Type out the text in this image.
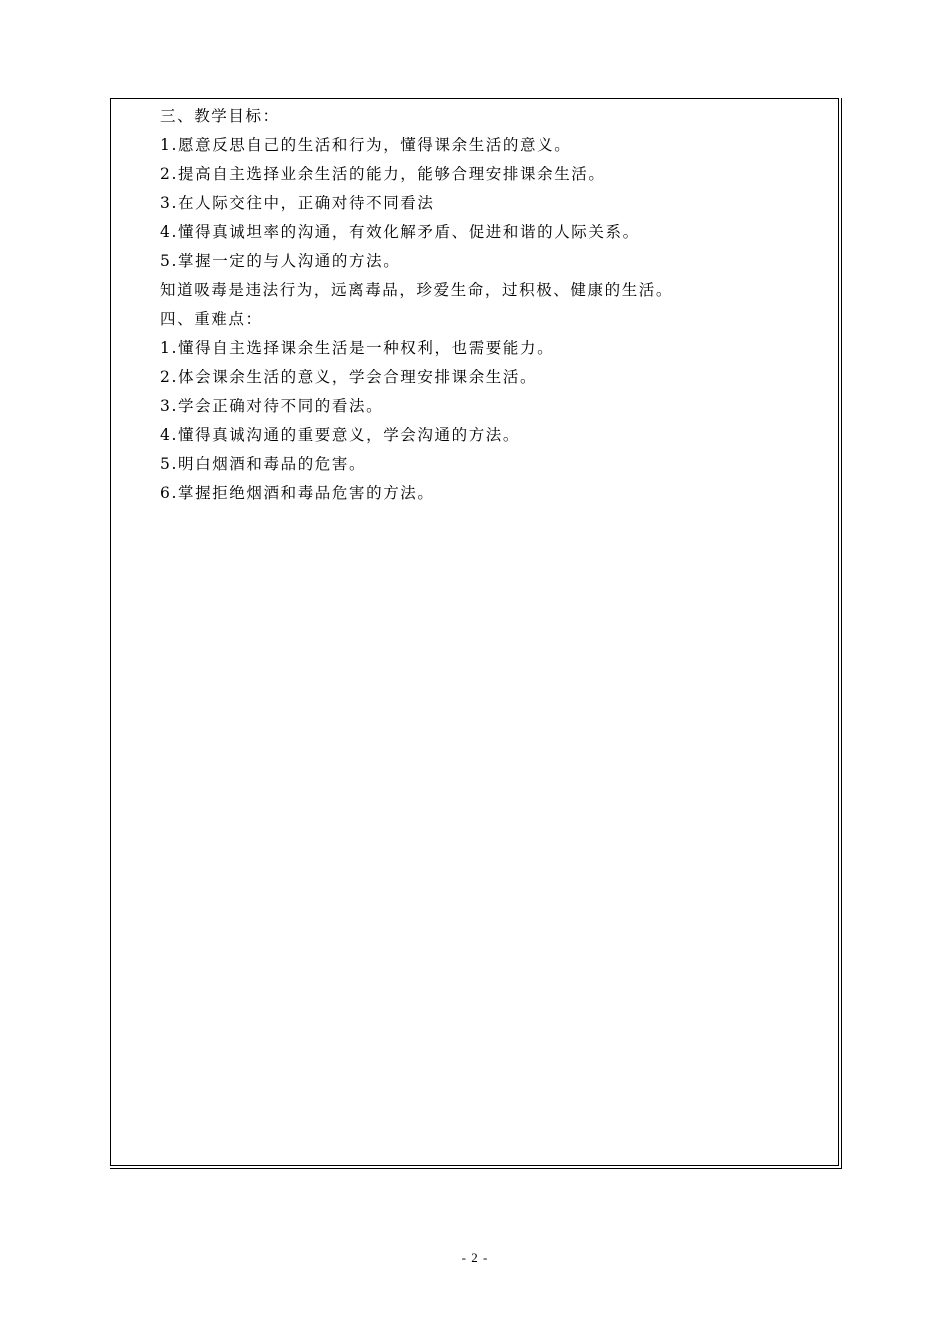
三、教学目标：
1.愿意反思自己的生活和行为，懂得课余生活的意义。
2.提高自主选择业余生活的能力，能够合理安排课余生活。
3.在人际交往中，正确对待不同看法
4.懂得真诚坦率的沟通，有效化解矛盾、促进和谐的人际关系。
5.掌握一定的与人沟通的方法。
知道吸毒是违法行为，远离毒品，珍爱生命，过积极、健康的生活。
四、重难点：
1.懂得自主选择课余生活是一种权利，也需要能力。
2.体会课余生活的意义，学会合理安排课余生活。
3.学会正确对待不同的看法。
4.懂得真诚沟通的重要意义，学会沟通的方法。
5.明白烟酒和毒品的危害。
6.掌握拒绝烟酒和毒品危害的方法。
- 2 -
